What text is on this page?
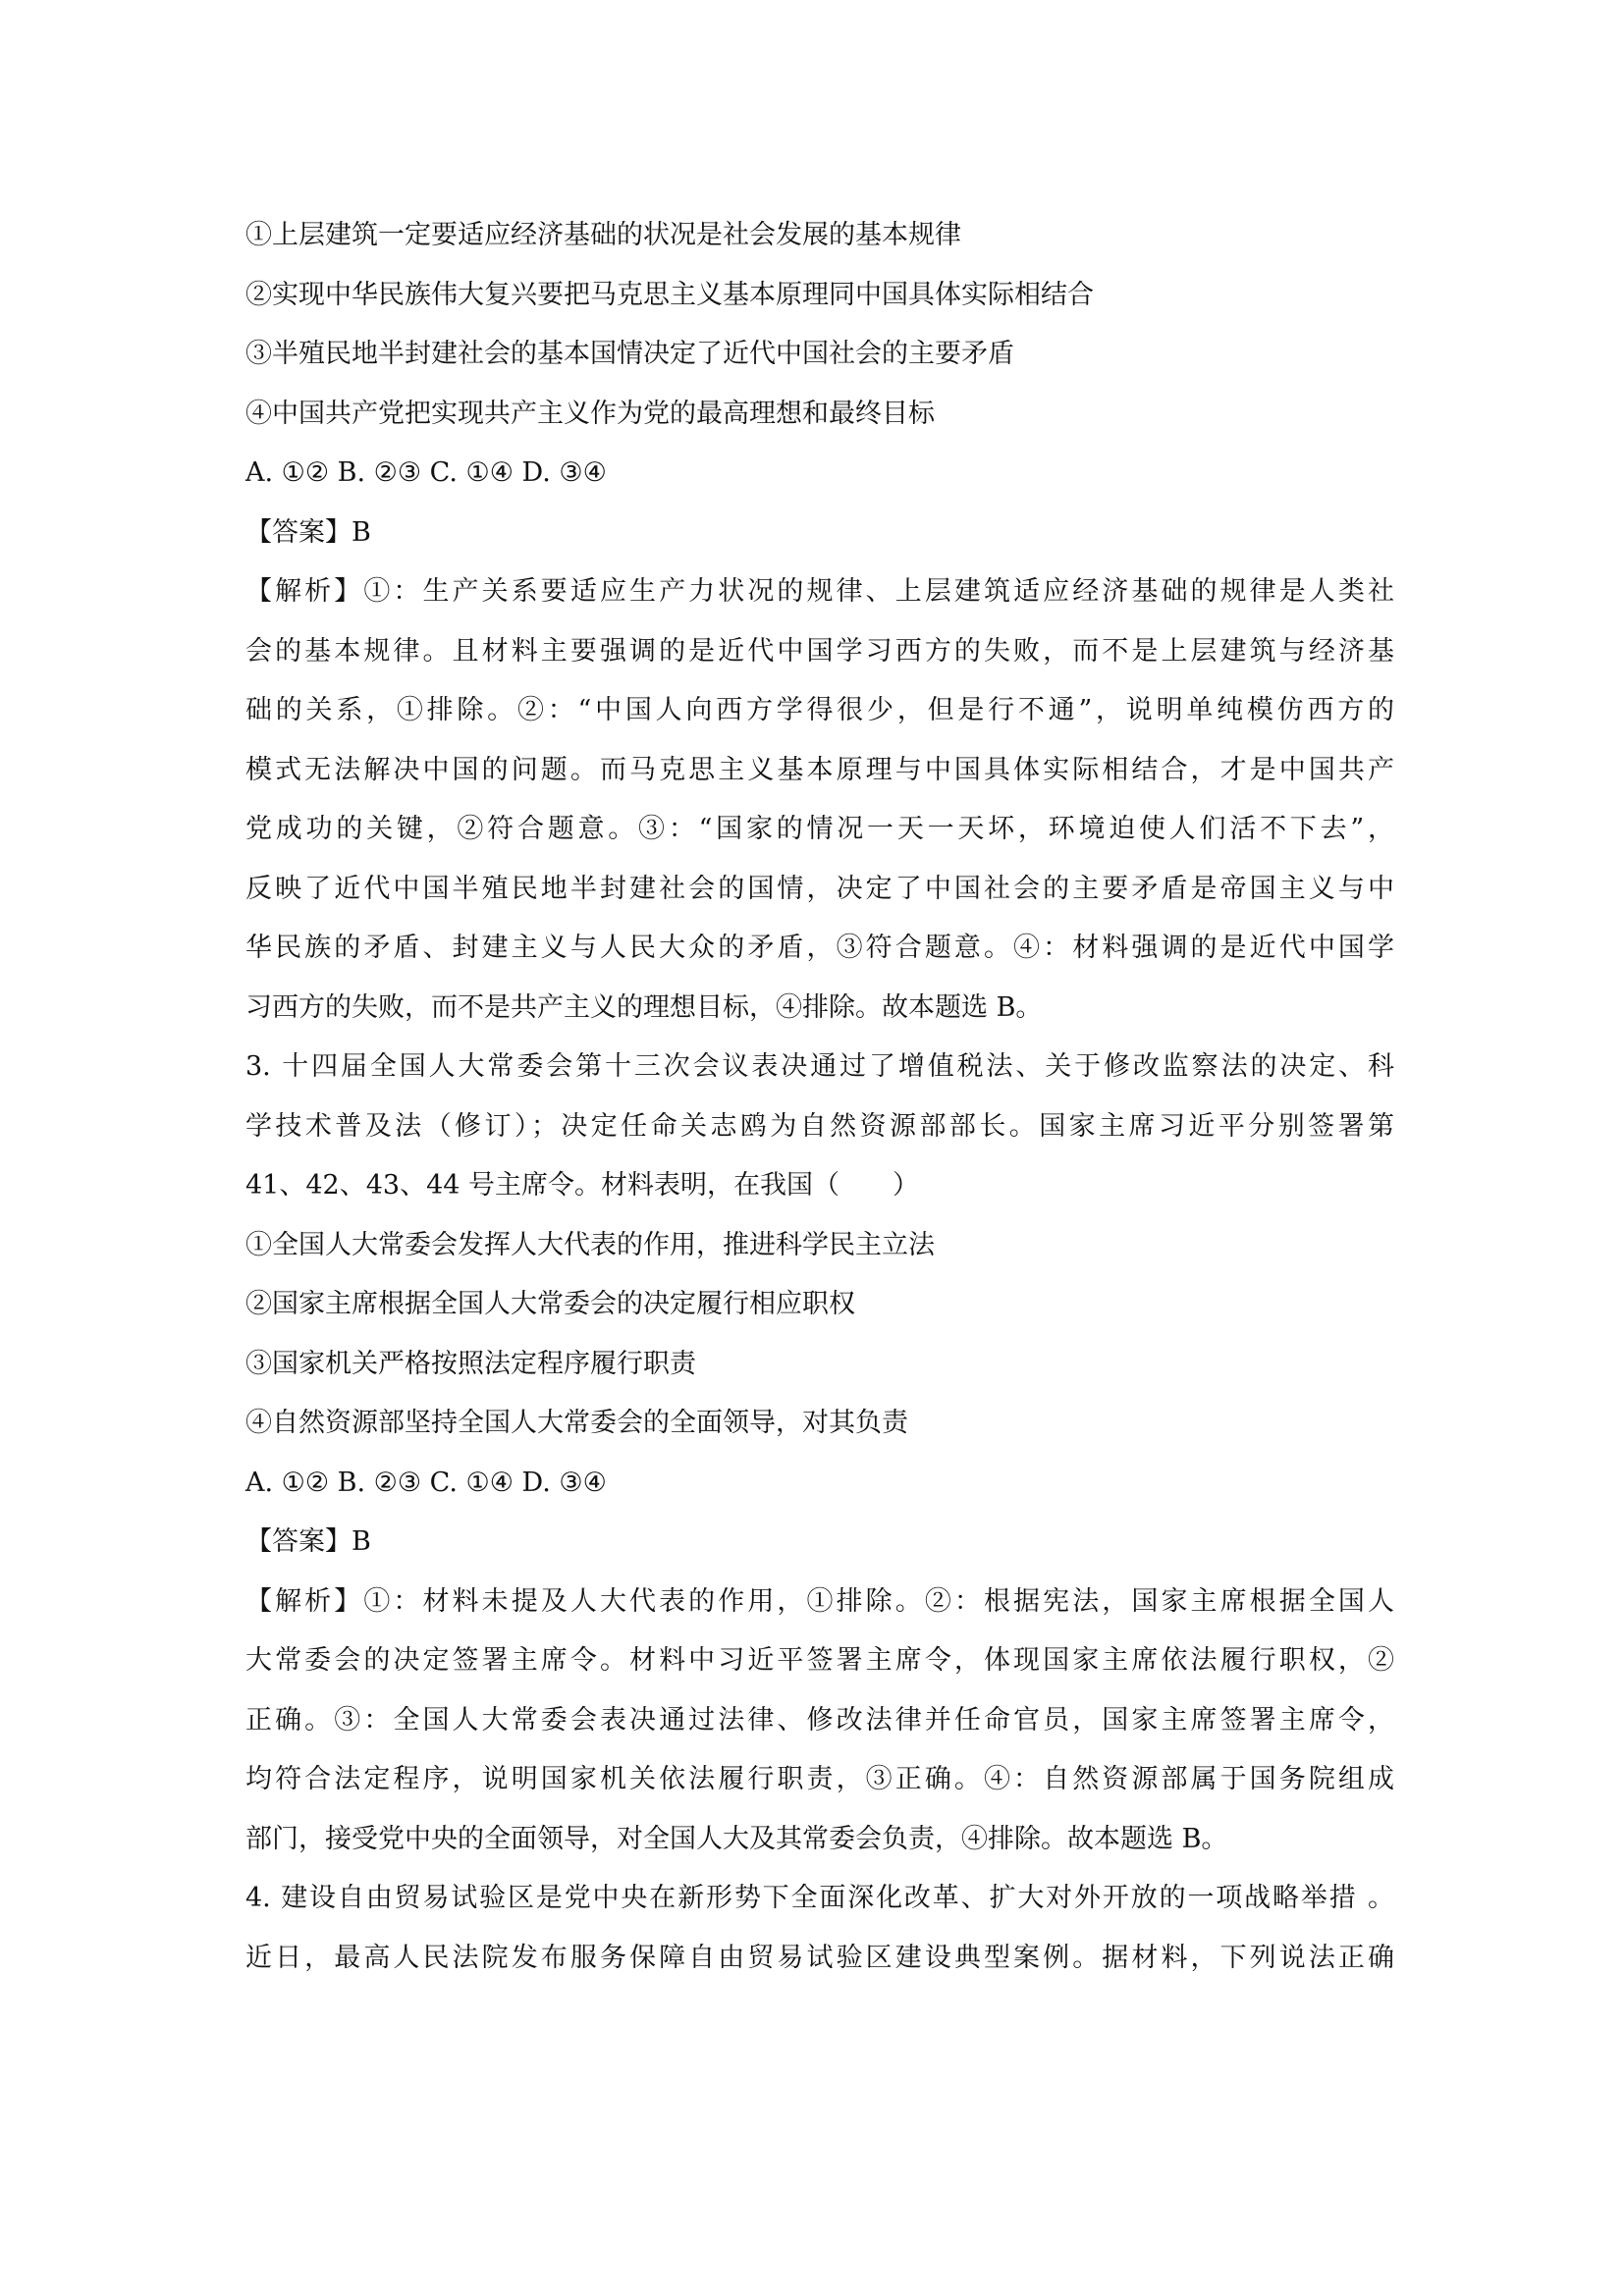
①上层建筑一定要适应经济基础的状况是社会发展的基本规律
②实现中华民族伟大复兴要把马克思主义基本原理同中国具体实际相结合
③半殖民地半封建社会的基本国情决定了近代中国社会的主要矛盾
④中国共产党把实现共产主义作为党的最高理想和最终目标
A. ①② B. ②③ C. ①④ D. ③④
【答案】B
【解析】①：生产关系要适应生产力状况的规律、上层建筑适应经济基础的规律是人类社
会的基本规律。且材料主要强调的是近代中国学习西方的失败，而不是上层建筑与经济基
础的关系，①排除。②：“中国人向西方学得很少，但是行不通”，说明单纯模仿西方的
模式无法解决中国的问题。而马克思主义基本原理与中国具体实际相结合，才是中国共产
党成功的关键，②符合题意。③：“国家的情况一天一天坏，环境迫使人们活不下去”，
反映了近代中国半殖民地半封建社会的国情，决定了中国社会的主要矛盾是帝国主义与中
华民族的矛盾、封建主义与人民大众的矛盾，③符合题意。④：材料强调的是近代中国学
习西方的失败，而不是共产主义的理想目标，④排除。故本题选 B。
3. 十四届全国人大常委会第十三次会议表决通过了增值税法、关于修改监察法的决定、科
学技术普及法（修订）；决定任命关志鸥为自然资源部部长。国家主席习近平分别签署第
41、42、43、44 号主席令。材料表明，在我国（　　）
①全国人大常委会发挥人大代表的作用，推进科学民主立法
②国家主席根据全国人大常委会的决定履行相应职权
③国家机关严格按照法定程序履行职责
④自然资源部坚持全国人大常委会的全面领导，对其负责
A. ①② B. ②③ C. ①④ D. ③④
【答案】B
【解析】①：材料未提及人大代表的作用，①排除。②：根据宪法，国家主席根据全国人
大常委会的决定签署主席令。材料中习近平签署主席令，体现国家主席依法履行职权，②
正确。③：全国人大常委会表决通过法律、修改法律并任命官员，国家主席签署主席令，
均符合法定程序，说明国家机关依法履行职责，③正确。④：自然资源部属于国务院组成
部门，接受党中央的全面领导，对全国人大及其常委会负责，④排除。故本题选 B。
4. 建设自由贸易试验区是党中央在新形势下全面深化改革、扩大对外开放的一项战略举措 。
近日，最高人民法院发布服务保障自由贸易试验区建设典型案例。据材料，下列说法正确
